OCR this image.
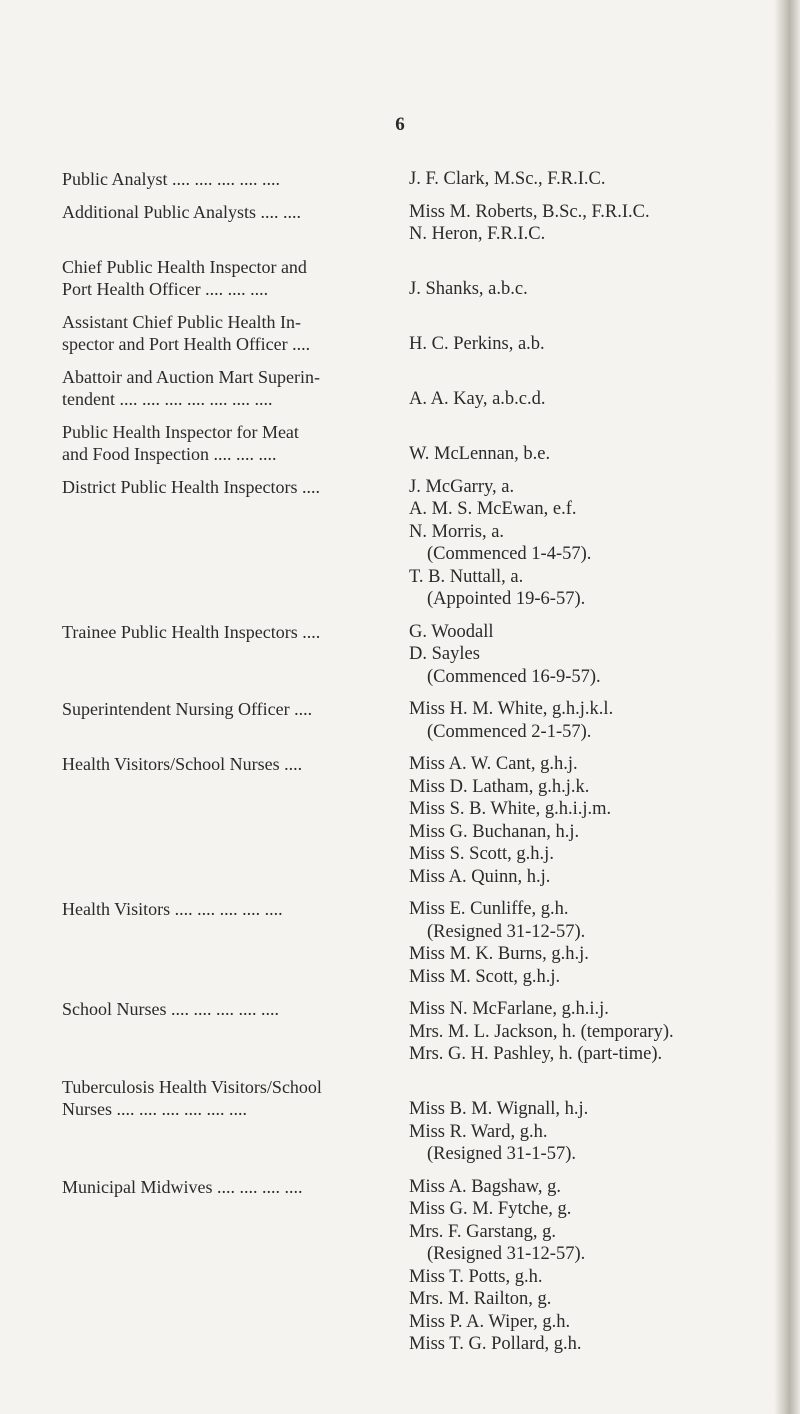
6
Public Analyst .... .... .... .... ....	J. F. Clark, M.Sc., F.R.I.C.
Additional Public Analysts .... ....	Miss M. Roberts, B.Sc., F.R.I.C.
N. Heron, F.R.I.C.
Chief Public Health Inspector and
Port Health Officer .... .... ....	J. Shanks, a.b.c.
Assistant Chief Public Health In-
spector and Port Health Officer ....	H. C. Perkins, a.b.
Abattoir and Auction Mart Superin-
tendent .... .... .... .... .... .... ....	A. A. Kay, a.b.c.d.
Public Health Inspector for Meat
and Food Inspection .... .... ....	W. McLennan, b.e.
District Public Health Inspectors ....	J. McGarry, a.
A. M. S. McEwan, e.f.
N. Morris, a.
(Commenced 1-4-57).
T. B. Nuttall, a.
(Appointed 19-6-57).
Trainee Public Health Inspectors ....	G. Woodall
D. Sayles
(Commenced 16-9-57).
Superintendent Nursing Officer ....	Miss H. M. White, g.h.j.k.l.
(Commenced 2-1-57).
Health Visitors/School Nurses ....	Miss A. W. Cant, g.h.j.
Miss D. Latham, g.h.j.k.
Miss S. B. White, g.h.i.j.m.
Miss G. Buchanan, h.j.
Miss S. Scott, g.h.j.
Miss A. Quinn, h.j.
Health Visitors .... .... .... .... ....	Miss E. Cunliffe, g.h.
(Resigned 31-12-57).
Miss M. K. Burns, g.h.j.
Miss M. Scott, g.h.j.
School Nurses .... .... .... .... ....	Miss N. McFarlane, g.h.i.j.
Mrs. M. L. Jackson, h. (temporary).
Mrs. G. H. Pashley, h. (part-time).
Tuberculosis Health Visitors/School
Nurses .... .... .... .... .... ....	Miss B. M. Wignall, h.j.
Miss R. Ward, g.h.
(Resigned 31-1-57).
Municipal Midwives .... .... .... ....	Miss A. Bagshaw, g.
Miss G. M. Fytche, g.
Mrs. F. Garstang, g.
(Resigned 31-12-57).
Miss T. Potts, g.h.
Mrs. M. Railton, g.
Miss P. A. Wiper, g.h.
Miss T. G. Pollard, g.h.
